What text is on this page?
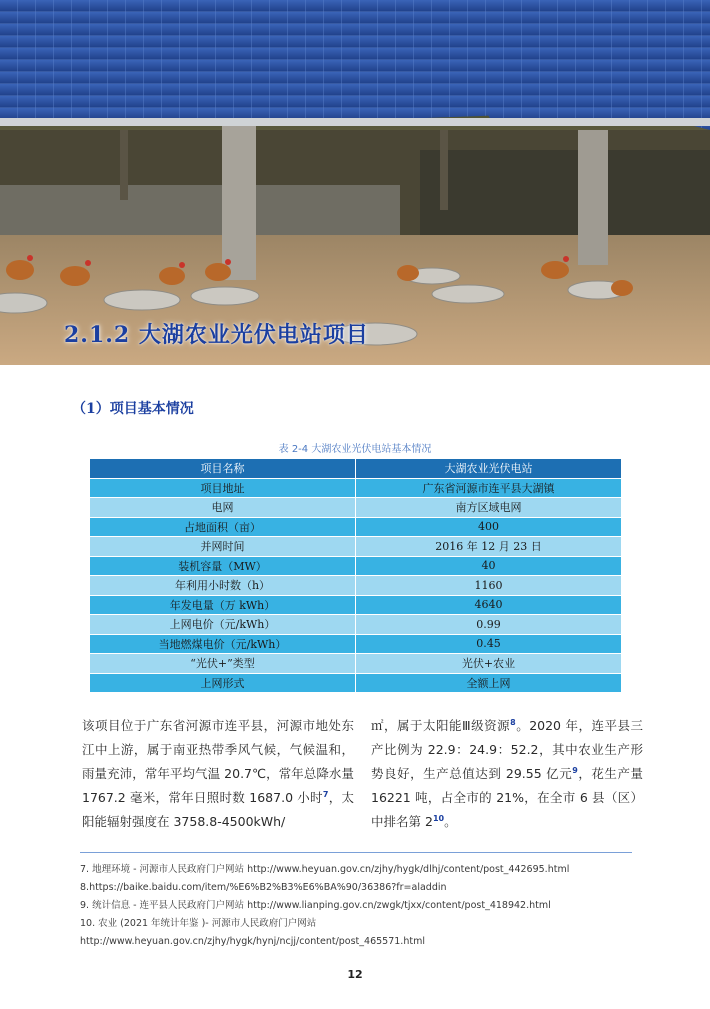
2.1.2 大湖农业光伏电站项目
（1）项目基本情况
表 2-4 大湖农业光伏电站基本情况
项目名称	大湖农业光伏电站
项目地址	广东省河源市连平县大湖镇
电网	南方区域电网
占地面积（亩）	400
并网时间	2016 年 12 月 23 日
装机容量（MW）	40
年利用小时数（h）	1160
年发电量（万 kWh）	4640
上网电价（元/kWh）	0.99
当地燃煤电价（元/kWh）	0.45
“光伏+”类型	光伏+农业
上网形式	全额上网
该项目位于广东省河源市连平县，河源市地处东江中上游，属于南亚热带季风气候，气候温和，雨量充沛，常年平均气温 20.7℃，常年总降水量 1767.2 毫米，常年日照时数 1687.0 小时$^7$，太阳能辐射强度在 3758.8-4500kWh/
㎡，属于太阳能Ⅲ级资源$^8$。2020 年，连平县三产比例为 22.9：24.9：52.2，其中农业生产形势良好，生产总值达到 29.55 亿元$^9$，花生产量 16221 吨，占全市的 21%，在全市 6 县（区）中排名第 $2^{10}$。
7. 地理环境 - 河源市人民政府门户网站 http://www.heyuan.gov.cn/zjhy/hygk/dlhj/content/post_442695.html
8.https://baike.baidu.com/item/%E6%B2%B3%E6%BA%90/36386?fr=aladdin
9. 统计信息 - 连平县人民政府门户网站 http://www.lianping.gov.cn/zwgk/tjxx/content/post_418942.html
10. 农业 (2021 年统计年鉴 )- 河源市人民政府门户网站
http://www.heyuan.gov.cn/zjhy/hygk/hynj/ncjj/content/post_465571.html
12
